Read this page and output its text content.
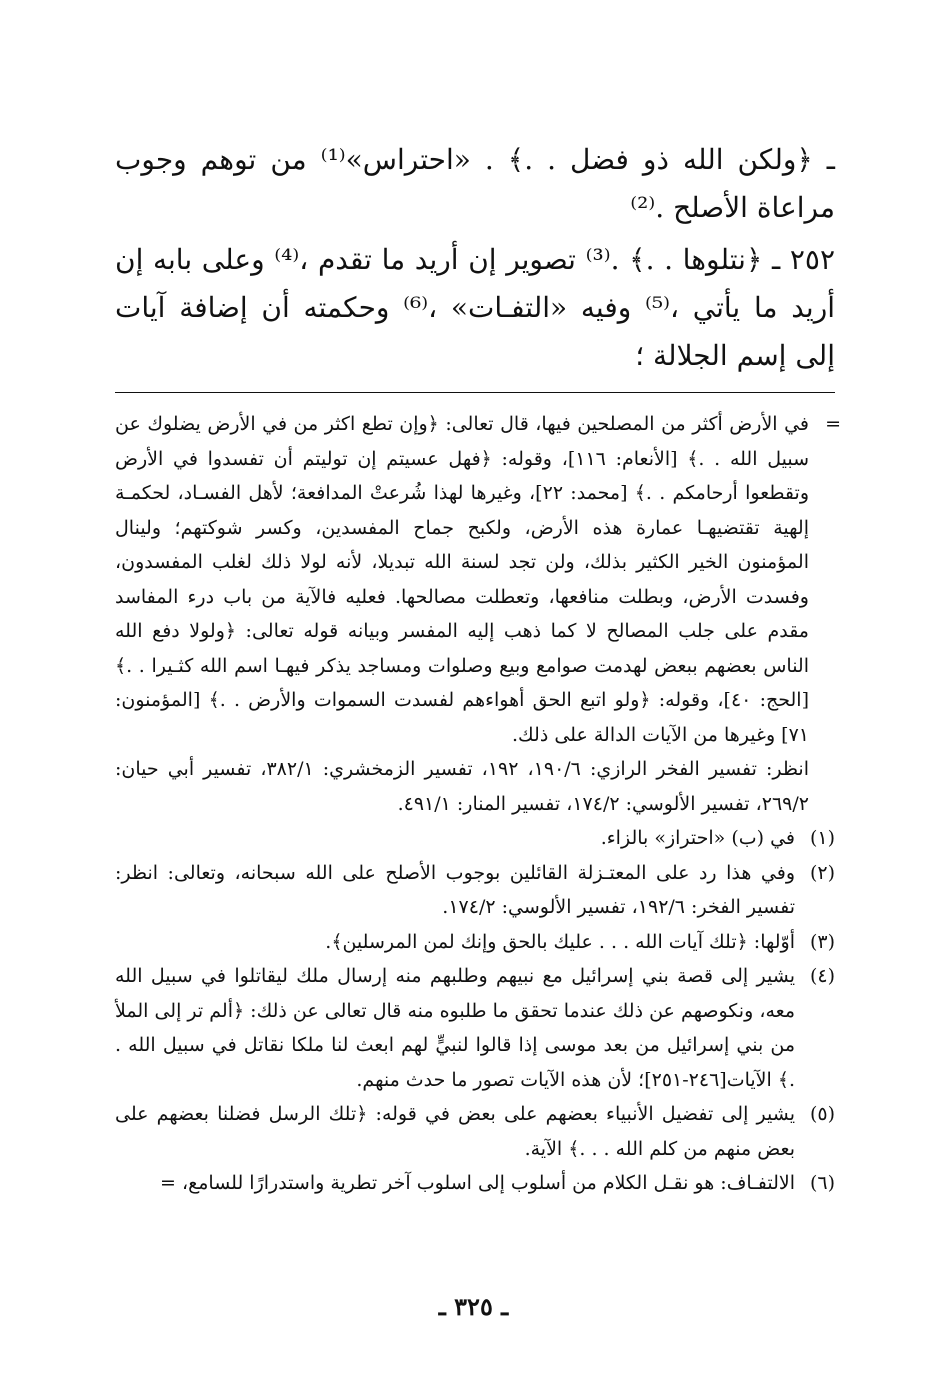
ـ ﴿ولكن الله ذو فضل . .﴾ . «احتراس»⁽¹⁾ من توهم وجوب مراعاة الأصلح .⁽²⁾

٢٥٢ ـ ﴿نتلوها . .﴾ .⁽³⁾ تصوير إن أريد ما تقدم ،⁽⁴⁾ وعلى بابه إن أريد ما يأتي ،⁽⁵⁾ وفيه «التفـات» ،⁽⁶⁾ وحكمته أن إضافة آيات إلى إسم الجلالة ؛

=
في الأرض أكثر من المصلحين فيها، قال تعالى: ﴿وإن تطع اكثر من في الأرض يضلوك عن سبيل الله . .﴾ [الأنعام: ١١٦]، وقوله: ﴿فهل عسيتم إن توليتم أن تفسدوا في الأرض وتقطعوا أرحامكم . .﴾ [محمد: ٢٢]، وغيرها لهذا شُرعتْ المدافعة؛ لأهل الفسـاد، لحكمـة إلهية تقتضيهـا عمارة هذه الأرض، ولكبح جماح المفسدين، وكسر شوكتهم؛ ولينال المؤمنون الخير الكثير بذلك، ولن تجد لسنة الله تبديلا، لأنه لولا ذلك لغلب المفسدون، وفسدت الأرض، وبطلت منافعها، وتعطلت مصالحها. فعليه فالآية من باب درء المفاسد مقدم على جلب المصالح لا كما ذهب إليه المفسر وبيانه قوله تعالى: ﴿ولولا دفع الله الناس بعضهم ببعض لهدمت صوامع وبيع وصلوات ومساجد يذكر فيهـا اسم الله كثـيرا . .﴾ [الحج: ٤٠]، وقوله: ﴿ولو اتبع الحق أهواءهم لفسدت السموات والأرض . .﴾ [المؤمنون: ٧١] وغيرها من الآيات الدالة على ذلك.
انظر: تفسير الفخر الرازي: ١٩٠/٦، ١٩٢، تفسير الزمخشري: ٣٨٢/١، تفسير أبي حيان: ٢٦٩/٢، تفسير الألوسي: ١٧٤/٢، تفسير المنار: ٤٩١/١.
(١)
في (ب) «احتراز» بالزاء.
(٢)
وفي هذا رد على المعتـزلة القائلين بوجوب الأصلح على الله سبحانه، وتعالى: انظر: تفسير الفخر: ١٩٢/٦، تفسير الألوسي: ١٧٤/٢.
(٣)
أوّلها: ﴿تلك آيات الله . . . عليك بالحق وإنك لمن المرسلين﴾.
(٤)
يشير إلى قصة بني إسرائيل مع نبيهم وطلبهم منه إرسال ملك ليقاتلوا في سبيل الله معه، ونكوصهم عن ذلك عندما تحقق ما طلبوه منه قال تعالى عن ذلك: ﴿ألم تر إلى الملأ من بني إسرائيل من بعد موسى إذا قالوا لنبيٍّ لهم ابعث لنا ملكا نقاتل في سبيل الله . .﴾ الآيات[٢٤٦-٢٥١]؛ لأن هذه الآيات تصور ما حدث منهم.
(٥)
يشير إلى تفضيل الأنبياء بعضهم على بعض في قوله: ﴿تلك الرسل فضلنا بعضهم على بعض منهم من كلم الله . . .﴾ الآية.
(٦)
الالتفـاف: هو نقـل الكلام من أسلوب إلى اسلوب آخر تطرية واستدرارًا للسامع، =
ـ ٣٢٥ ـ
